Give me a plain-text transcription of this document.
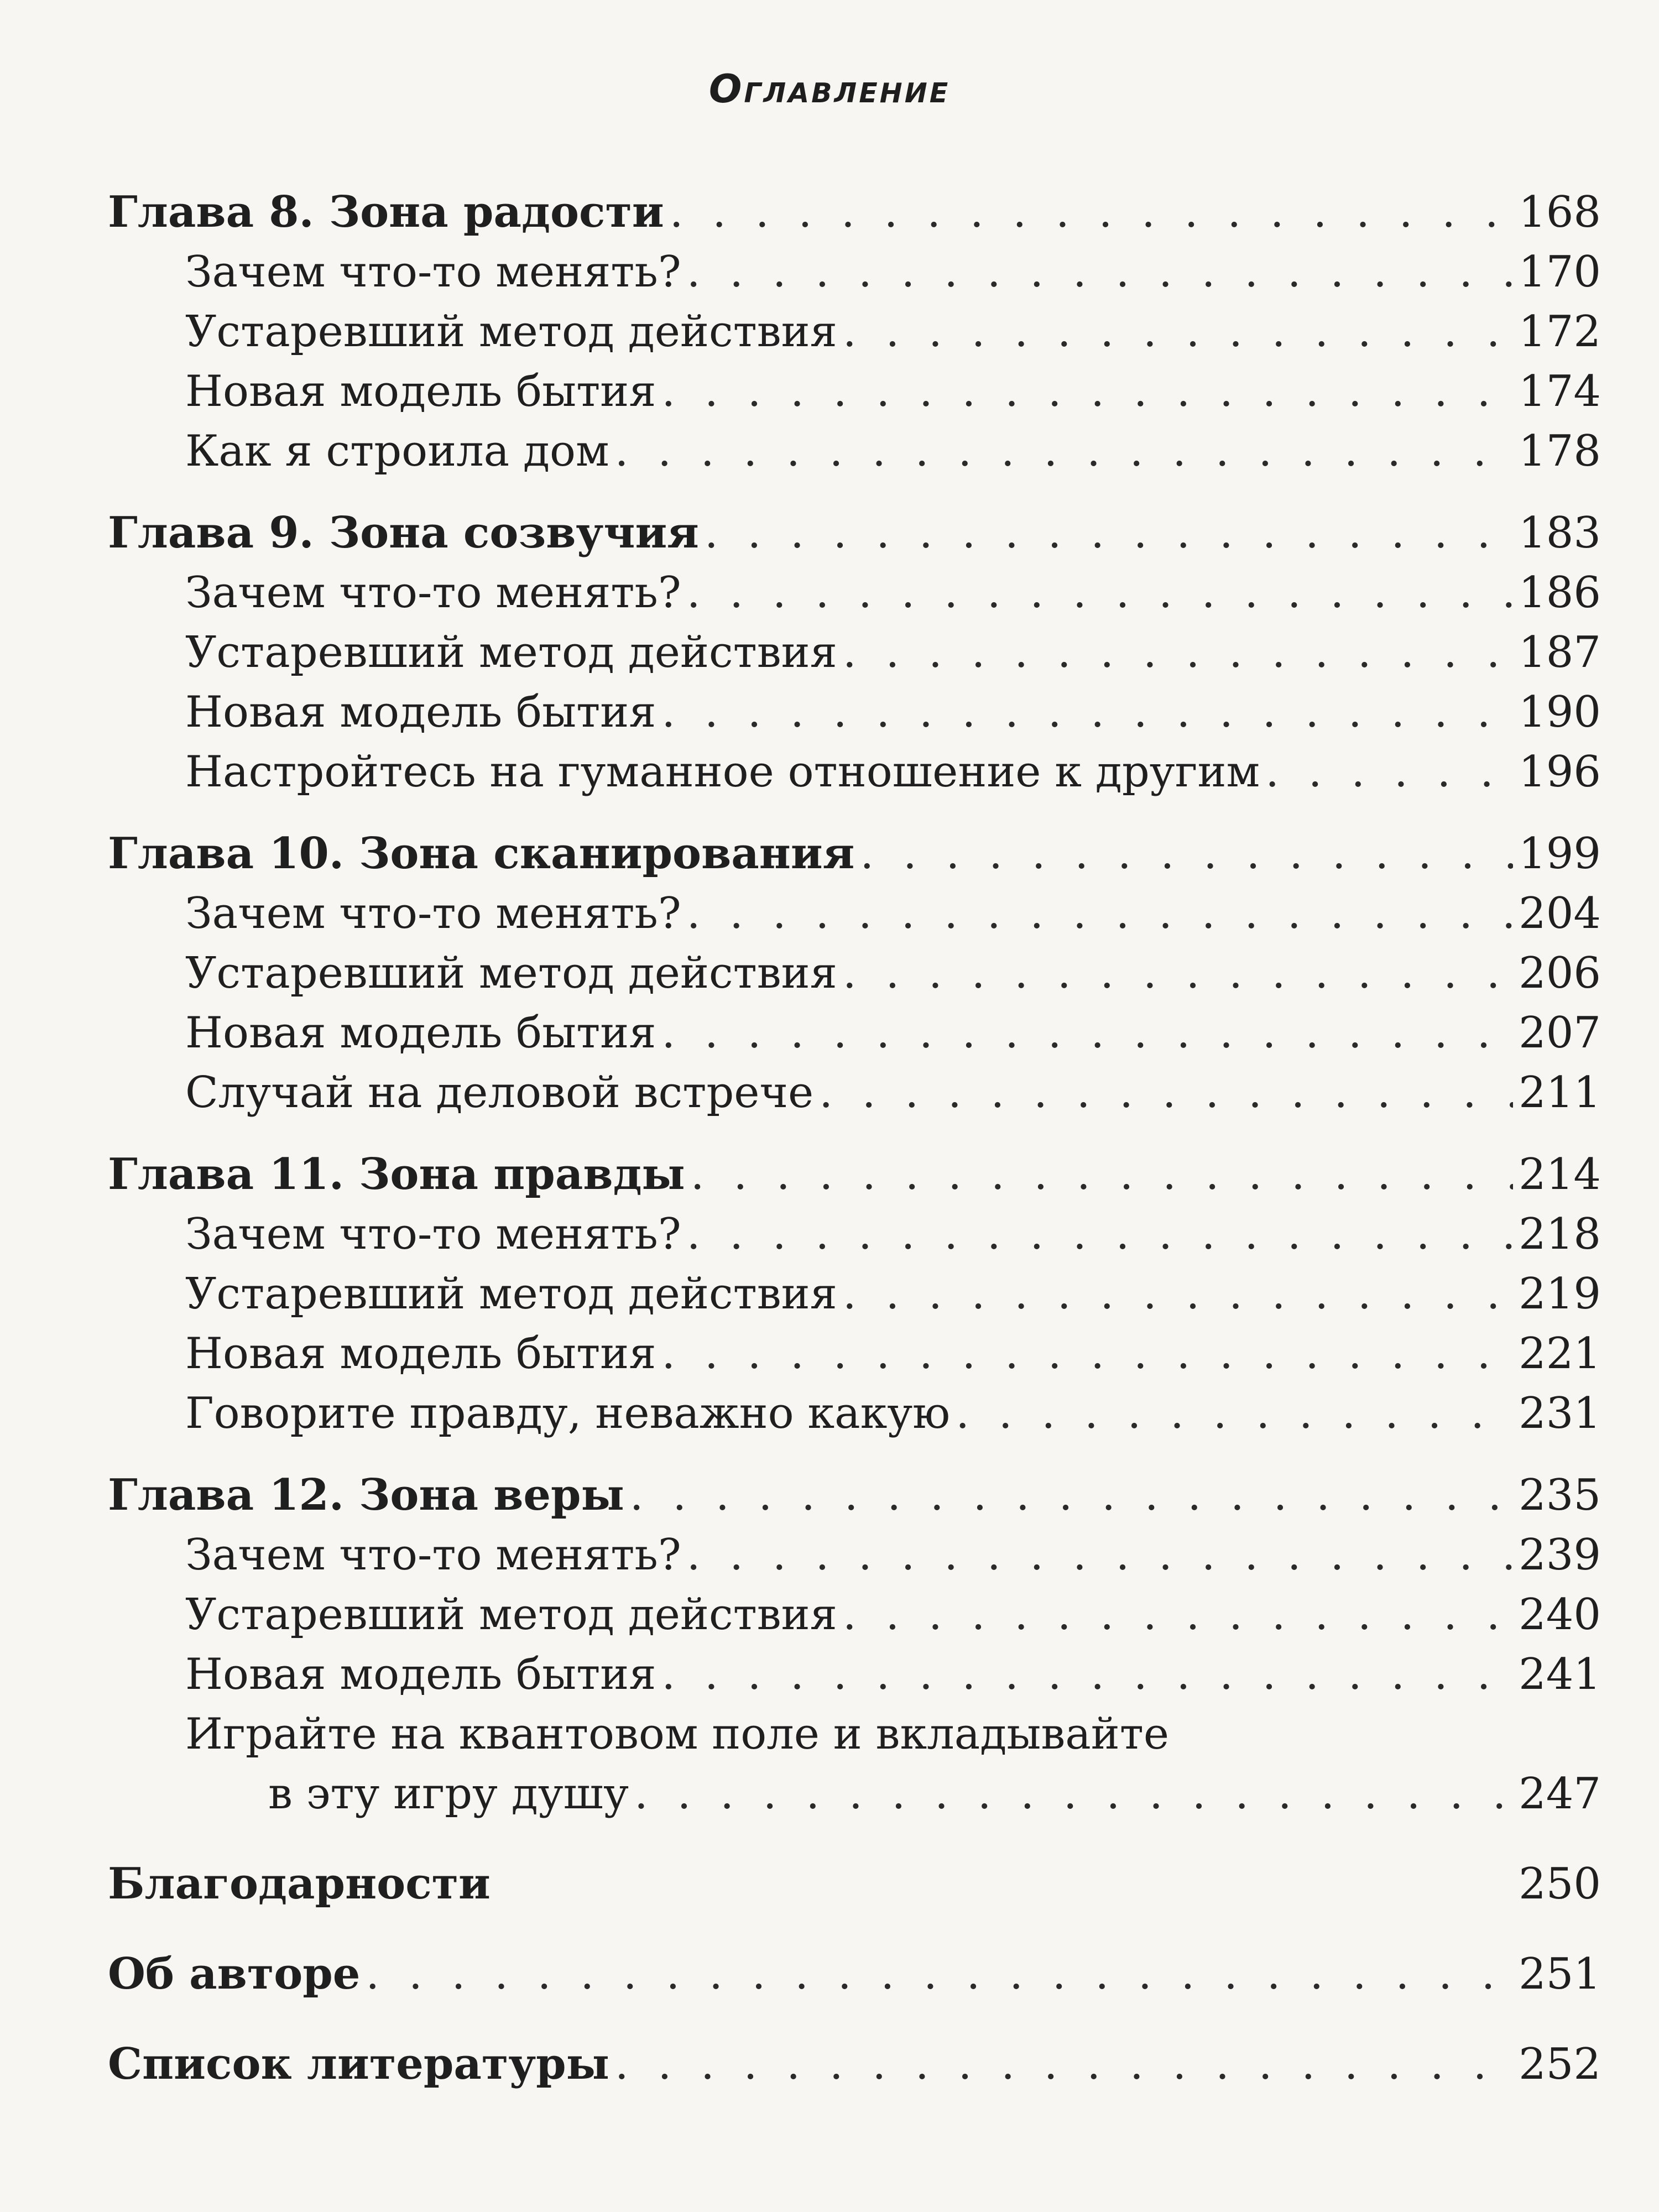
Оглавление
Глава 8. Зона радости . . .	168
Зачем что-то менять? . . .	170
Устаревший метод действия . . .	172
Новая модель бытия . . .	174
Как я строила дом . . .	178
Глава 9. Зона созвучия . . .	183
Зачем что-то менять? . . .	186
Устаревший метод действия . . .	187
Новая модель бытия . . .	190
Настройтесь на гуманное отношение к другим . . .	196
Глава 10. Зона сканирования . . .	199
Зачем что-то менять? . . .	204
Устаревший метод действия . . .	206
Новая модель бытия . . .	207
Случай на деловой встрече . . .	211
Глава 11. Зона правды . . .	214
Зачем что-то менять? . . .	218
Устаревший метод действия . . .	219
Новая модель бытия . . .	221
Говорите правду, неважно какую . . .	231
Глава 12. Зона веры . . .	235
Зачем что-то менять? . . .	239
Устаревший метод действия . . .	240
Новая модель бытия . . .	241
Играйте на квантовом поле и вкладывайте
в эту игру душу . . .	247
Благодарности	250
Об авторе . . .	251
Список литературы . . .	252
